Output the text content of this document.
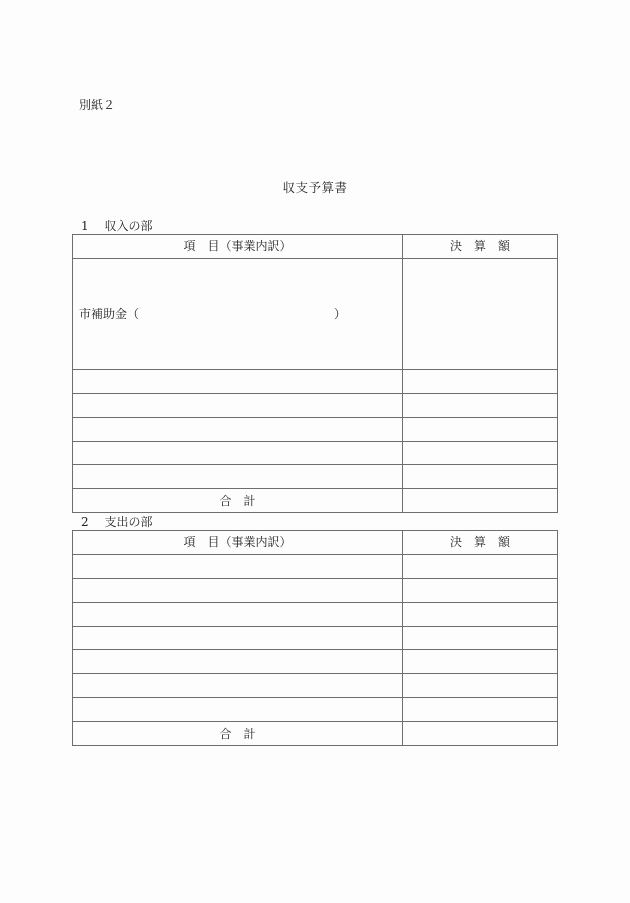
別紙２
収支予算書
1　 収入の部
項　目（事業内訳）	決　算　額

市補助金（ ）	

合　計	
2　 支出の部
項　目（事業内訳）	決　算　額

合　計	
